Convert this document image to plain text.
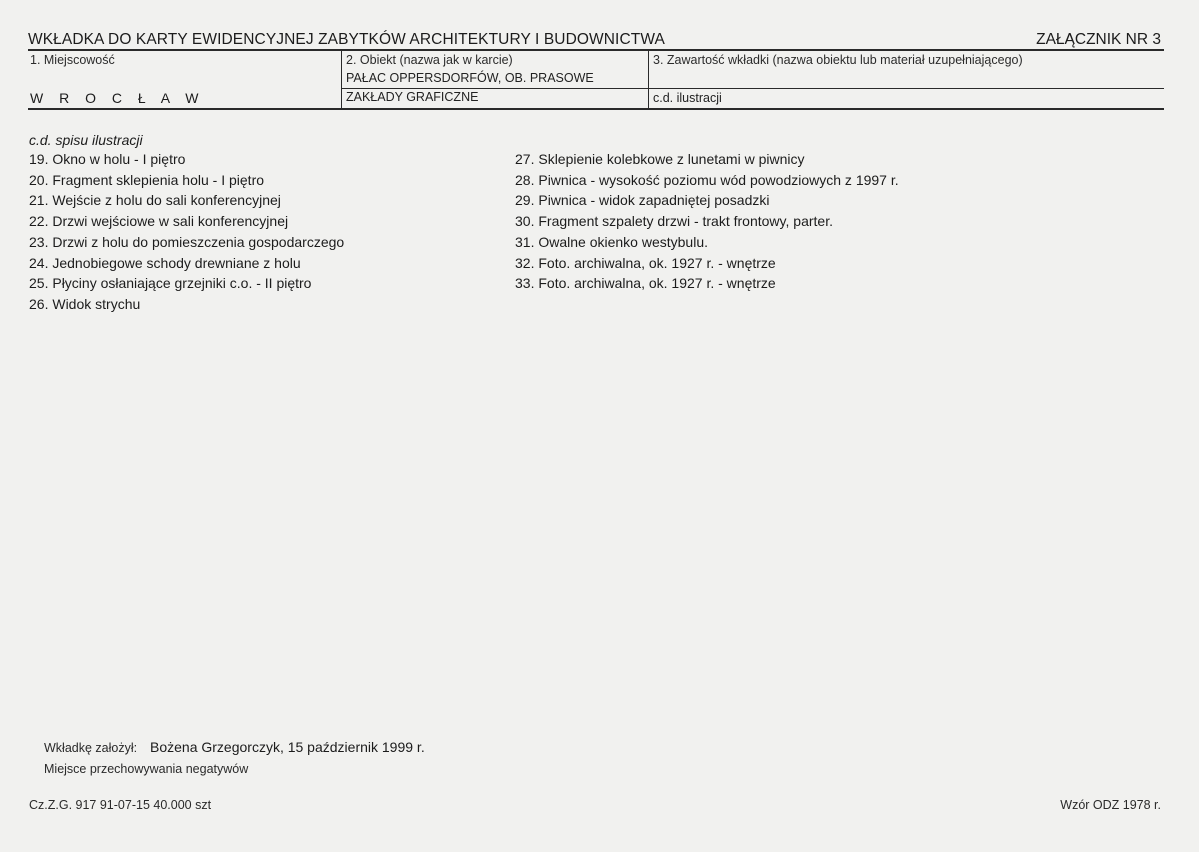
WKŁADKA DO KARTY EWIDENCYJNEJ ZABYTKÓW ARCHITEKTURY I BUDOWNICTWA	ZAŁĄCZNIK NR 3
1. Miejscowość
W R O C Ł A W
2. Obiekt (nazwa jak w karcie)
PAŁAC OPPERSDORFÓW, OB. PRASOWE
ZAKŁADY GRAFICZNE
3. Zawartość wkładki (nazwa obiektu lub materiał uzupełniającego)
c.d. ilustracji
c.d. spisu ilustracji
19. Okno w holu - I piętro
20. Fragment sklepienia holu - I piętro
21. Wejście z holu do sali konferencyjnej
22. Drzwi wejściowe w sali konferencyjnej
23. Drzwi z holu do pomieszczenia gospodarczego
24. Jednobiegowe schody drewniane z holu
25. Płyciny osłaniające grzejniki c.o. - II piętro
26. Widok strychu
27. Sklepienie kolebkowe z lunetami w piwnicy
28. Piwnica - wysokość poziomu wód powodziowych z 1997 r.
29. Piwnica - widok zapadniętej posadzki
30. Fragment szpalety drzwi - trakt frontowy, parter.
31. Owalne okienko westybulu.
32. Foto. archiwalna, ok. 1927 r. - wnętrze
33. Foto. archiwalna, ok. 1927 r. - wnętrze
Wkładkę założył: Bożena Grzegorczyk, 15 październik 1999 r.
Miejsce przechowywania negatywów
Cz.Z.G. 917 91-07-15 40.000 szt	Wzór ODZ 1978 r.
